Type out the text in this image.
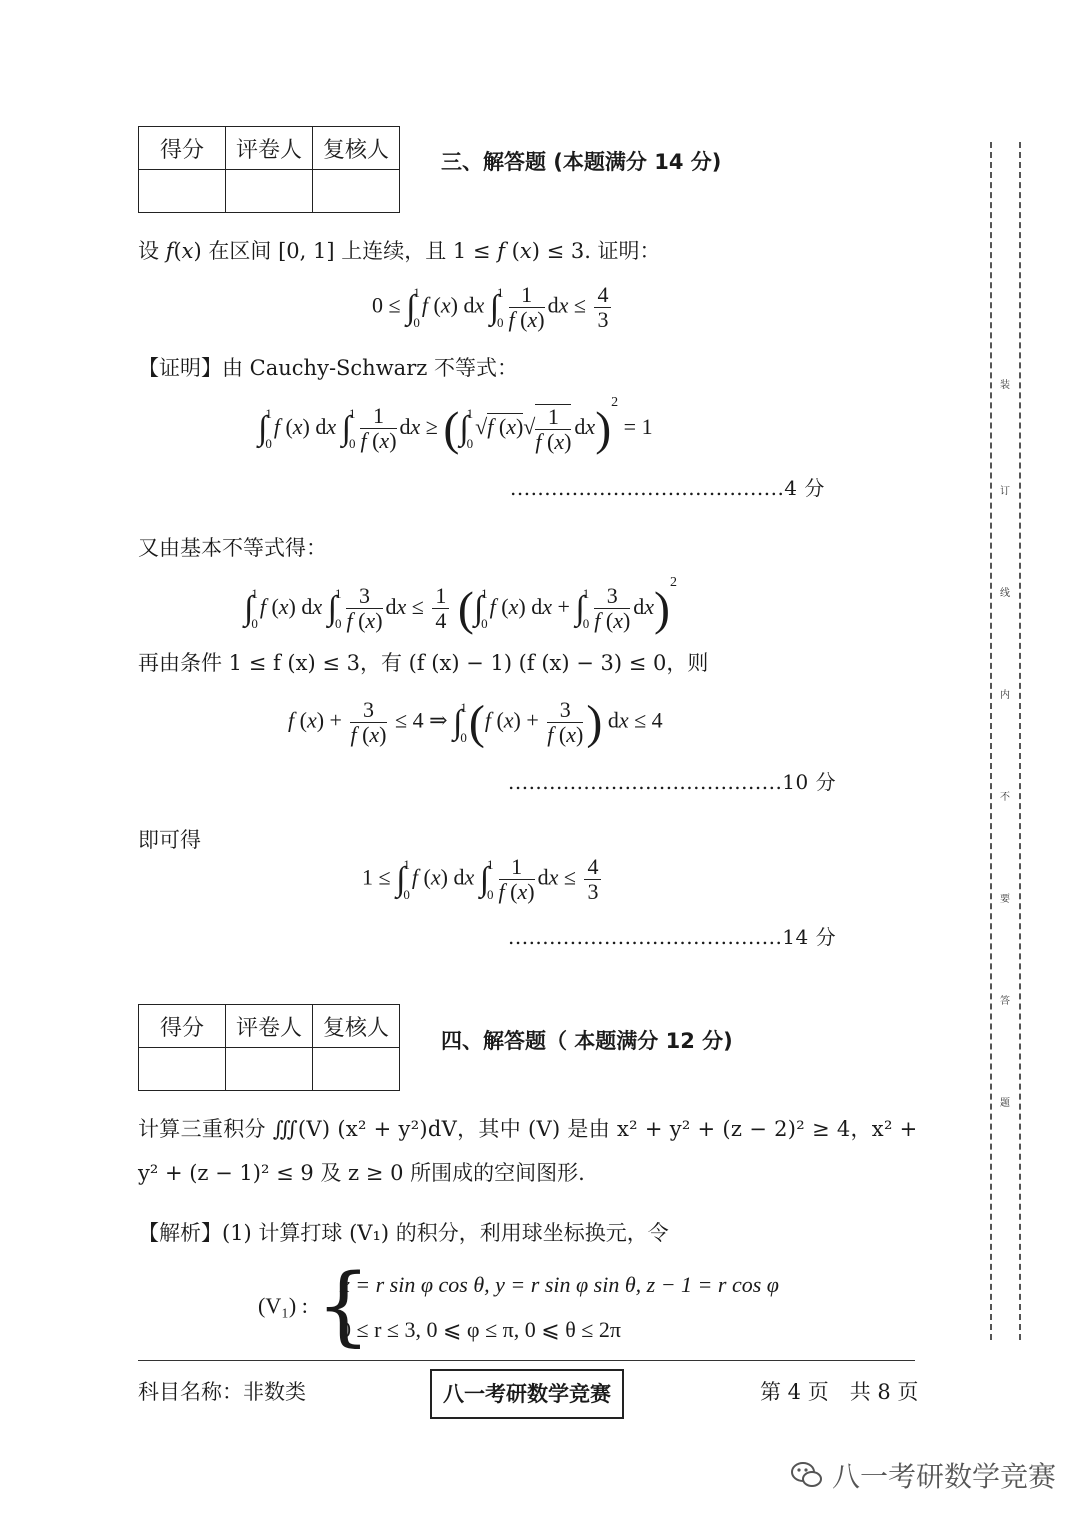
得分	评卷人	复核人
		三、解答题 (本题满分 14 分)
设 f(x) 在区间 [0, 1] 上连续，且 1 ≤ f (x) ≤ 3. 证明：
0 ≤ ∫
1
0
f (x) dx ∫
1
$0 \frac{1}{f (x)}$ dx ≤ $\frac{4}{3}$
【证明】由 Cauchy-Schwarz 不等式：
∫
1
0
f (x) dx ∫
1
$0 \frac{1}{f (x)}$ dx ≥ (∫
1
0
√f $(x)√ \frac{1}{f (x)} dx)^2 = 1$
........................................4 分
又由基本不等式得：
∫
1
0
f (x) dx ∫
1
$0 \frac{3}{f (x)}$ dx ≤ $\frac{1}{4}$ (∫
1
0
f (x) dx + ∫
1
$0 \frac{3}{f (x)} dx)^2$
再由条件 1 ≤ f (x) ≤ 3，有 (f (x) − 1) (f (x) − 3) ≤ 0，则
f $(x) + \frac{3}{f (x)} \le 4$ ⇒ ∫
1
0 (f $(x) + \frac{3}{f (x)}$ ) dx ≤ 4
........................................10 分
即可得
1 ≤ ∫
1
0
f (x) dx ∫
1
$0 \frac{1}{f (x)}$ dx ≤ $\frac{4}{3}$
........................................14 分
得分	评卷人	复核人

四、解答题（ 本题满分 12 分)
计算三重积分 ∭(V) (x² + y²)dV，其中 (V) 是由 x² + y² + (z − 2)² ≥ 4，x² +
y² + (z − 1)² ≤ 9 及 z ≥ 0 所围成的空间图形.
【解析】(1) 计算打球 (V₁) 的积分，利用球坐标换元，令
(V₁) : {
x = r sin φ cos θ, y = r sin φ sin θ, z − 1 = r cos φ
0 ≤ r ≤ 3, 0 ⩽ φ ≤ π, 0 ⩽ θ ≤ 2π
科目名称：非数类	八一考研数学竞赛	第 4 页　共 8 页
装
订
线
内
不
要
答
题
八一考研数学竞赛
